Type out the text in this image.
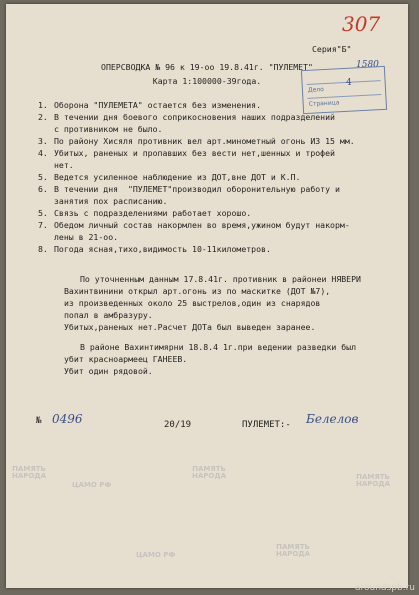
307
1580
Дело
Страница
4
Серия"Б"
ОПЕРСВОДКА № 96 к 19-оо 19.8.41г. "ПУЛЕМЕТ"
Карта 1:100000-39года.
1. Оборона "ПУЛЕМЕТА" остается без изменения.
2. В течении дня боевого соприкосновения наших подразделений
с противником не было.
3. По району Хисяля противник вел арт.минометный огонь ИЗ 15 мм.
4. Убитых, раненых и пропавших без вести нет,шенных и трофей
нет.
5. Ведется усиленное наблюдение из ДОТ,вне ДОТ и К.П.
6. В течении дня  "ПУЛЕМЕТ"производил оборонительную работу и
занятия пох расписанию.
5. Связь с подразделениями работает хорошо.
7. Обедом личный состав накормлен во время,ужином будут накорм-
лены в 21-оо.
8. Погода ясная,тихо,видимость 10-11километров.
По уточненным данным 17.8.41г. противник в районеи НЯВЕРИ
Вахинтвинини открыл арт.огонь из по маскитке (ДОТ №7),
из произведенных около 25 выстрелов,один из снарядов
попал в амбразуру.
Убитых,раненых нет.Расчет ДОТа был выведен заранее.
В районе Вахинтимярни 18.8.4 1г.при ведении разведки был
убит красноармеец ГАНЕЕВ.
Убит один рядовой.
№ 0496	20/19	ПУЛЕМЕТ:- Белелов
ПАМЯТЬ
НАРОДА
ЦАМО РФ
ПАМЯТЬ
НАРОДА	ПАМЯТЬ
НАРОДА
ЦАМО РФ
ПАМЯТЬ
НАРОДА
aroundspb.ru
